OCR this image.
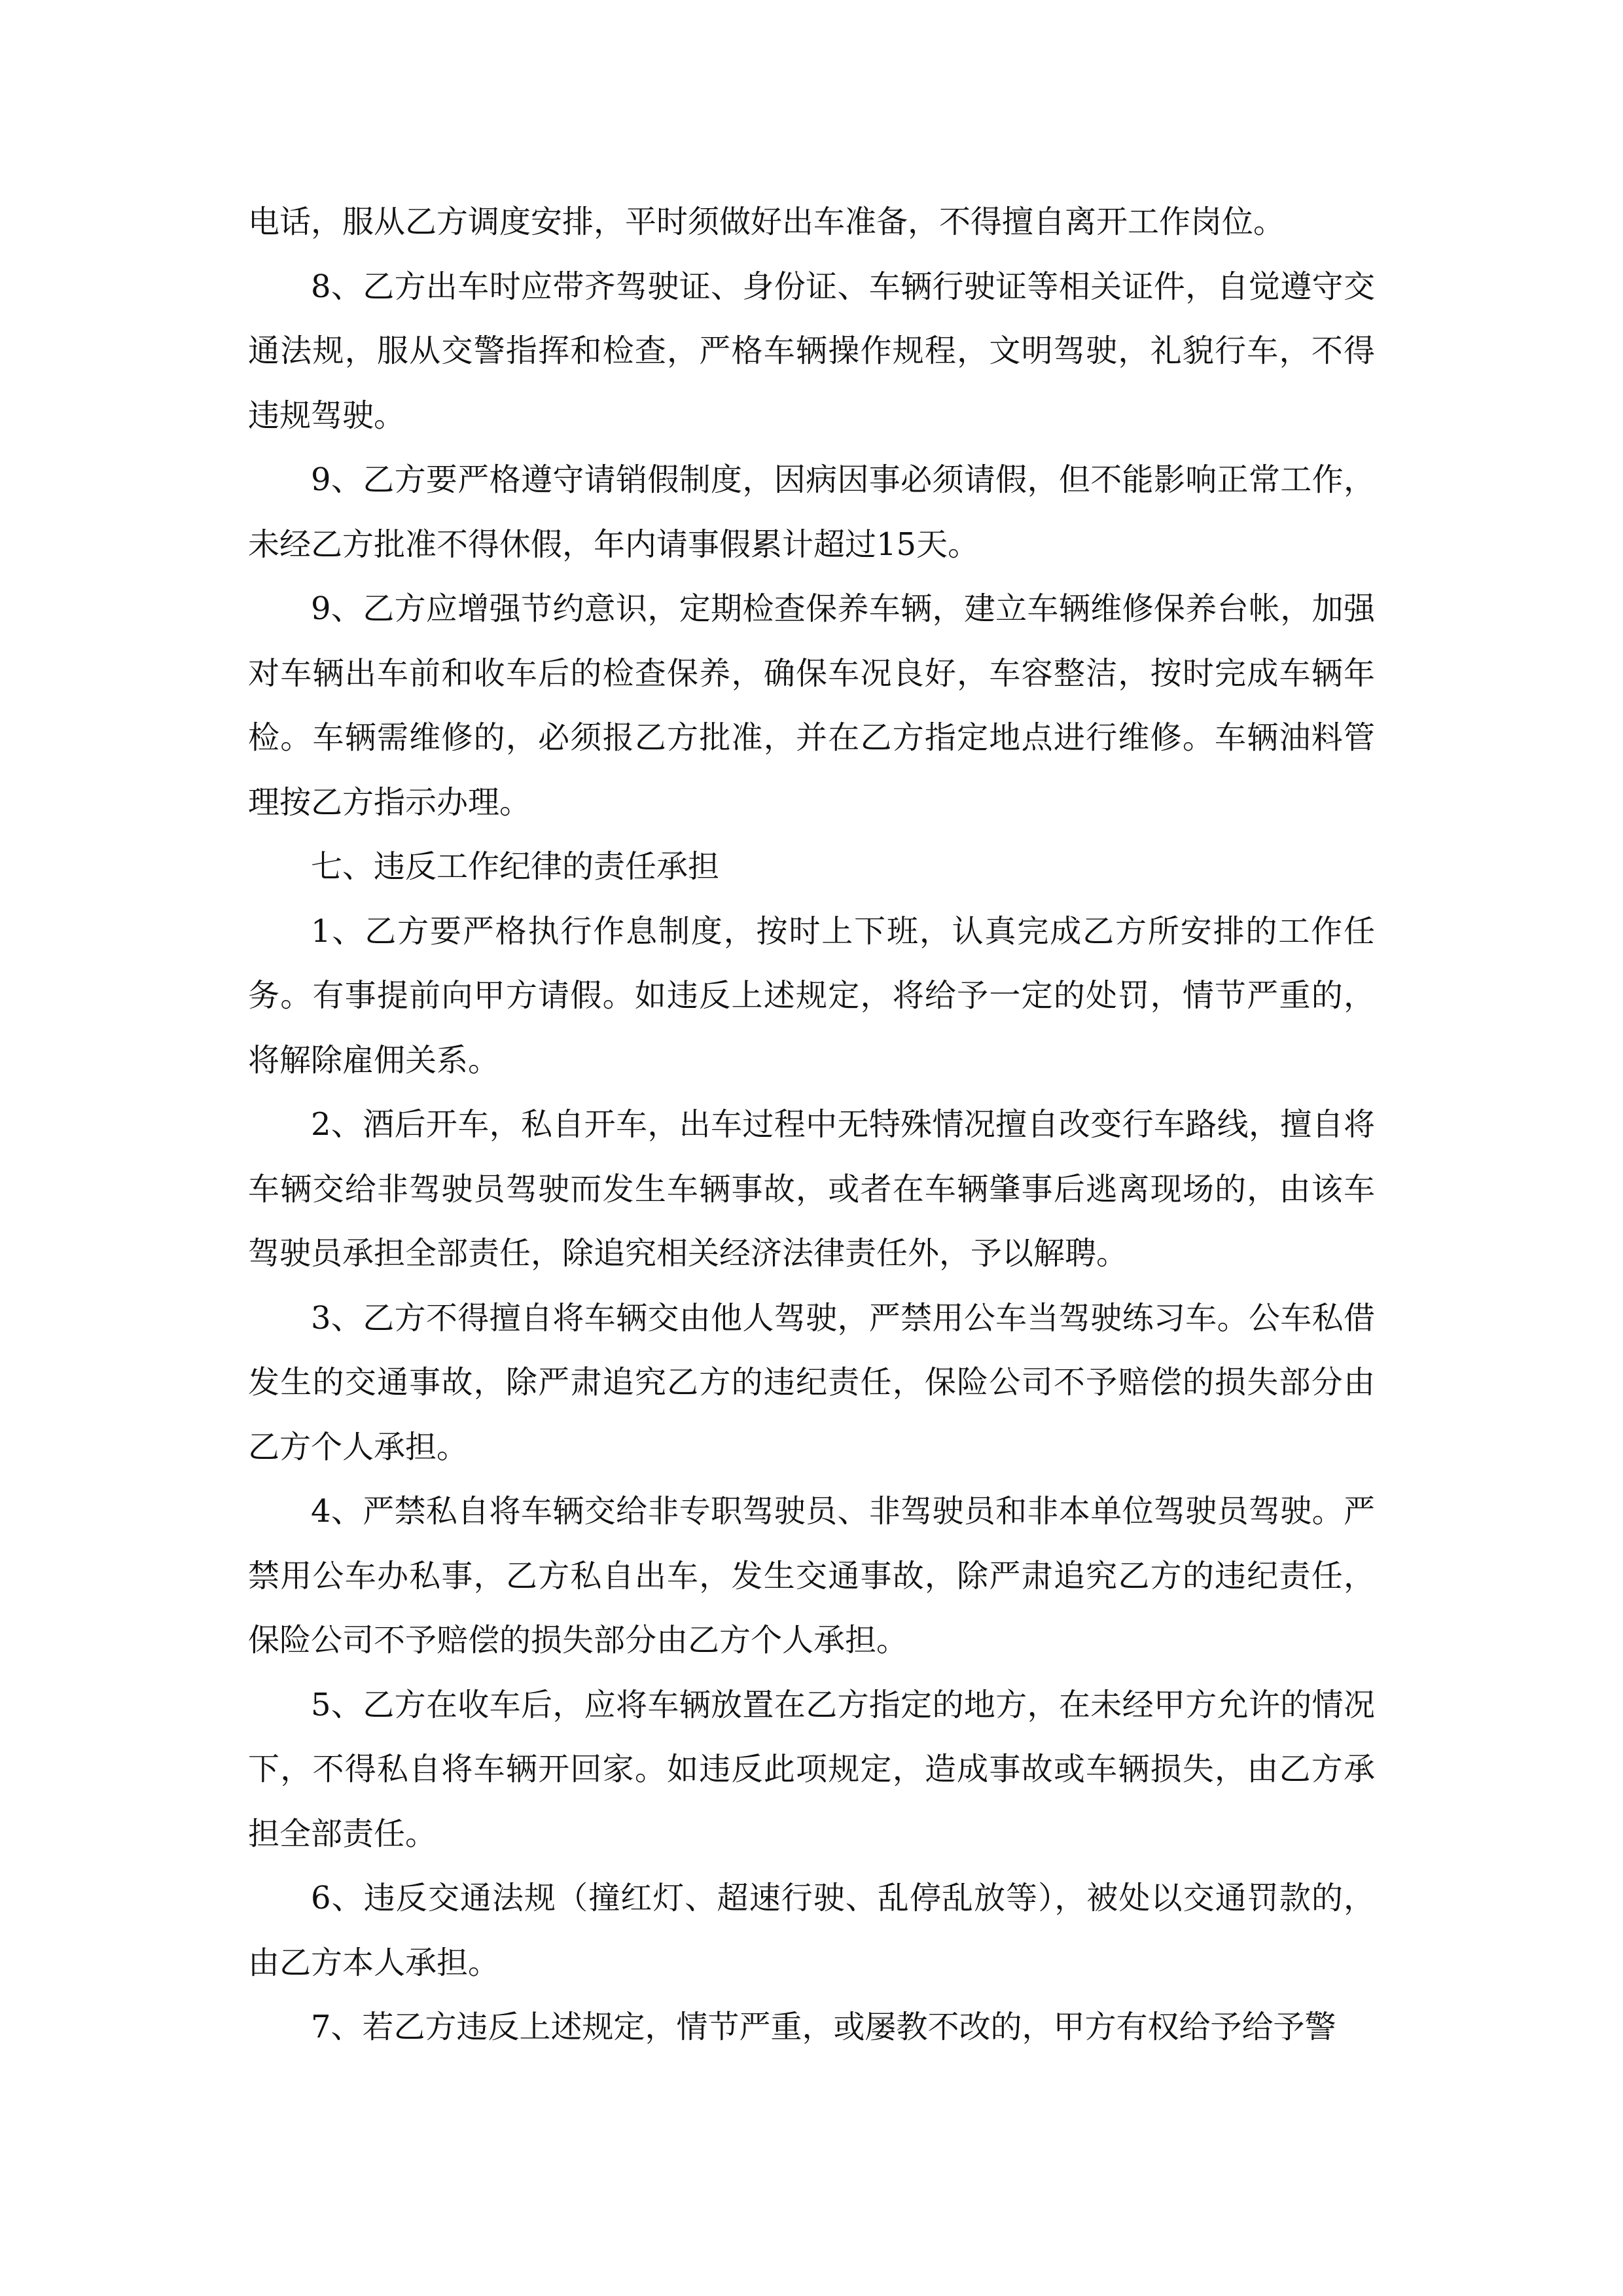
电话，服从乙方调度安排，平时须做好出车准备，不得擅自离开工作岗位。

8、乙方出车时应带齐驾驶证、身份证、车辆行驶证等相关证件，自觉遵守交通法规，服从交警指挥和检查，严格车辆操作规程，文明驾驶，礼貌行车，不得违规驾驶。

9、乙方要严格遵守请销假制度，因病因事必须请假，但不能影响正常工作，未经乙方批准不得休假，年内请事假累计超过15天。

9、乙方应增强节约意识，定期检查保养车辆，建立车辆维修保养台帐，加强对车辆出车前和收车后的检查保养，确保车况良好，车容整洁，按时完成车辆年检。车辆需维修的，必须报乙方批准，并在乙方指定地点进行维修。车辆油料管理按乙方指示办理。

七、违反工作纪律的责任承担

1、乙方要严格执行作息制度，按时上下班，认真完成乙方所安排的工作任务。有事提前向甲方请假。如违反上述规定，将给予一定的处罚，情节严重的，将解除雇佣关系。

2、酒后开车，私自开车，出车过程中无特殊情况擅自改变行车路线，擅自将车辆交给非驾驶员驾驶而发生车辆事故，或者在车辆肇事后逃离现场的，由该车驾驶员承担全部责任，除追究相关经济法律责任外，予以解聘。

3、乙方不得擅自将车辆交由他人驾驶，严禁用公车当驾驶练习车。公车私借发生的交通事故，除严肃追究乙方的违纪责任，保险公司不予赔偿的损失部分由乙方个人承担。

4、严禁私自将车辆交给非专职驾驶员、非驾驶员和非本单位驾驶员驾驶。严禁用公车办私事，乙方私自出车，发生交通事故，除严肃追究乙方的违纪责任，保险公司不予赔偿的损失部分由乙方个人承担。

5、乙方在收车后，应将车辆放置在乙方指定的地方，在未经甲方允许的情况下，不得私自将车辆开回家。如违反此项规定，造成事故或车辆损失，由乙方承担全部责任。

6、违反交通法规（撞红灯、超速行驶、乱停乱放等），被处以交通罚款的，由乙方本人承担。

7、若乙方违反上述规定，情节严重，或屡教不改的，甲方有权给予给予警
